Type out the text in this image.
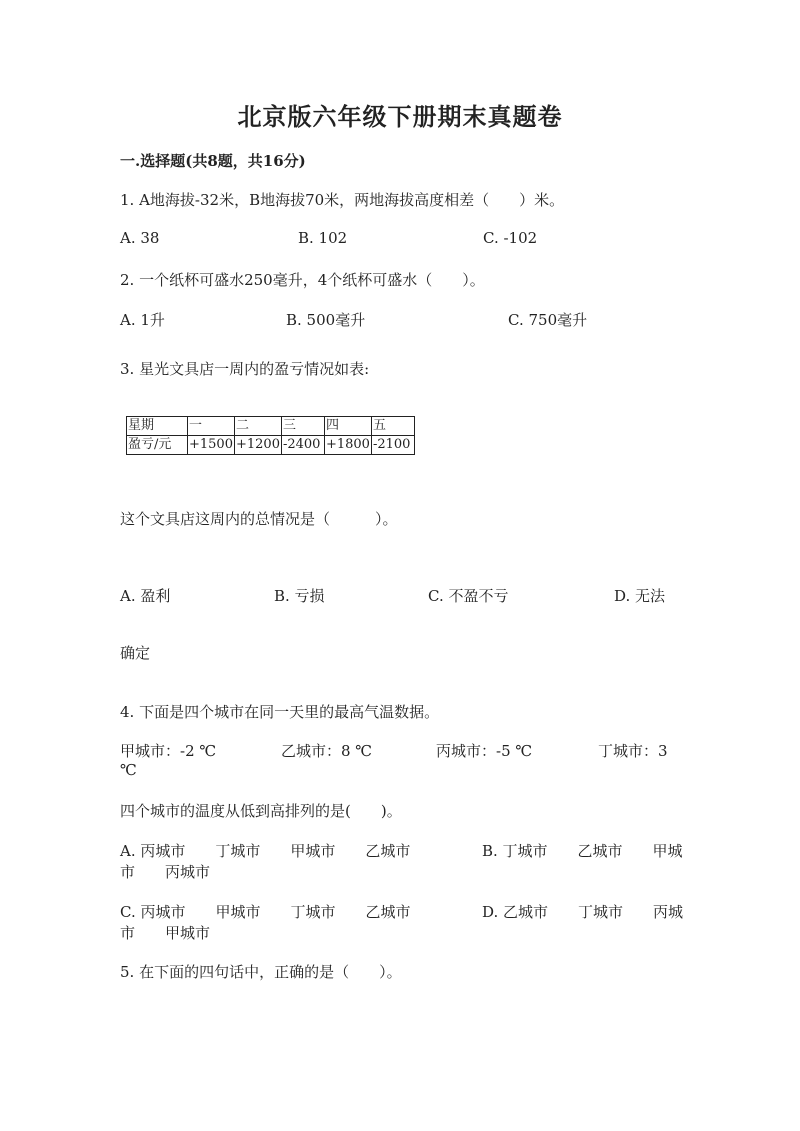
北京版六年级下册期末真题卷
一.选择题(共8题，共16分)
1. A地海拔-32米，B地海拔70米，两地海拔高度相差（　　）米。
A. 38	B. 102	C. -102
2. 一个纸杯可盛水250毫升，4个纸杯可盛水（　　）。
A. 1升	B. 500毫升	C. 750毫升
3. 星光文具店一周内的盈亏情况如表:
星期	一	二	三	四	五
盈亏/元	+1500	+1200	-2400	+1800	-2100
这个文具店这周内的总情况是（　　　）。
A. 盈利	B. 亏损	C. 不盈不亏	D. 无法
确定
4. 下面是四个城市在同一天里的最高气温数据。
甲城市：-2 ℃	乙城市：8 ℃	丙城市：-5 ℃	丁城市：3
℃
四个城市的温度从低到高排列的是(　　)。
A. 丙城市　　丁城市　　甲城市　　乙城市	B. 丁城市　　乙城市　　甲城
市　　丙城市
C. 丙城市　　甲城市　　丁城市　　乙城市	D. 乙城市　　丁城市　　丙城
市　　甲城市
5. 在下面的四句话中，正确的是（　　）。
